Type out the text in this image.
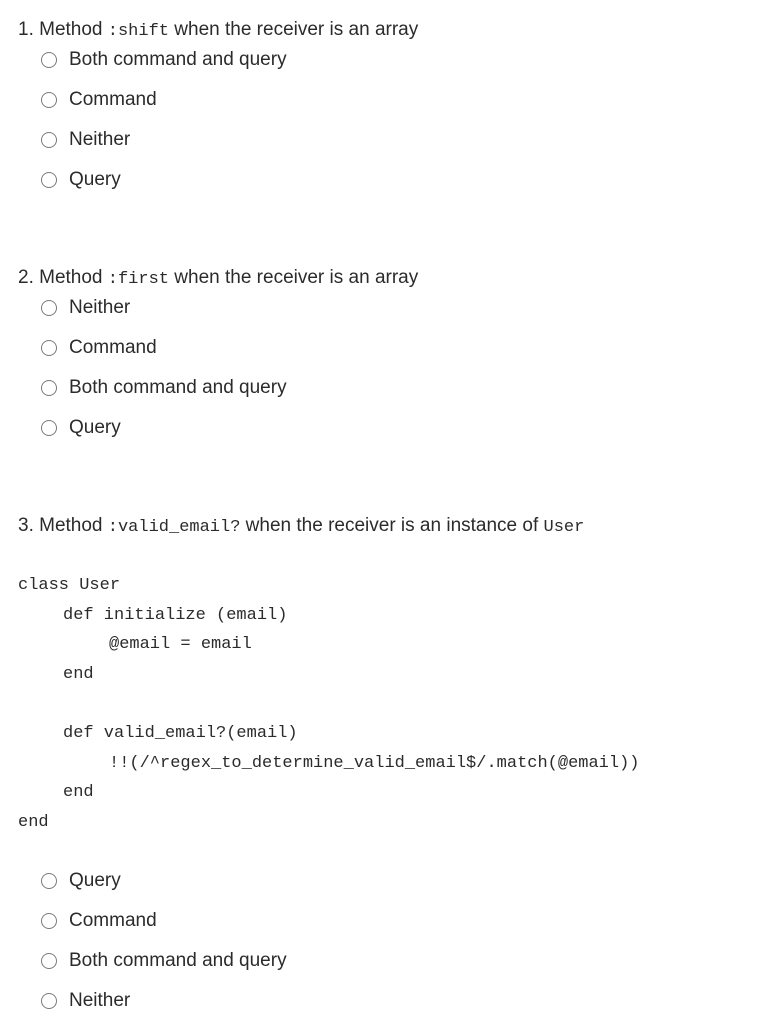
1. Method :shift when the receiver is an array
Both command and query
Command
Neither
Query
2. Method :first when the receiver is an array
Neither
Command
Both command and query
Query
3. Method :valid_email? when the receiver is an instance of User
class User
def initialize (email)
@email = email
end
def valid_email?(email)
!!(/^regex_to_determine_valid_email$/.match(@email))
end
end
Query
Command
Both command and query
Neither
